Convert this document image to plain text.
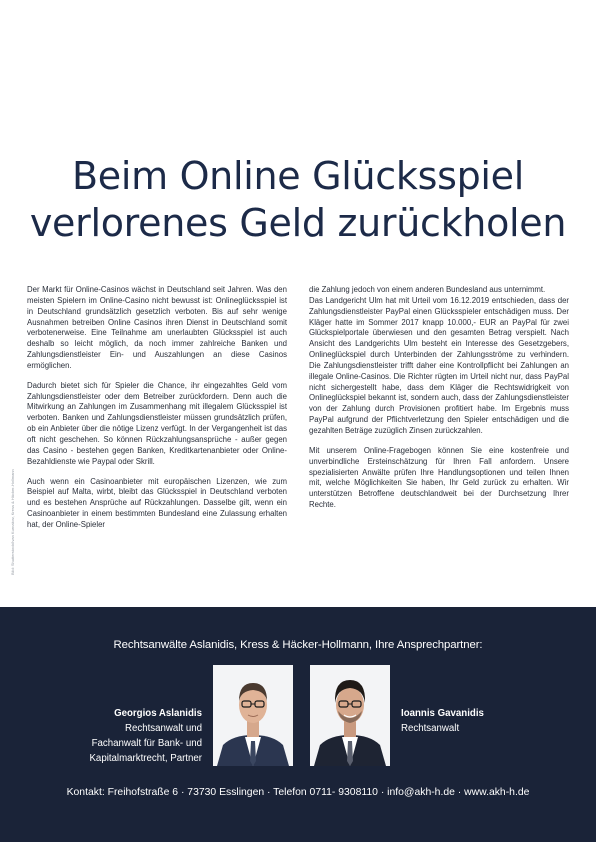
Beim Online Glücksspiel
verlorenes Geld zurückholen
Bild: Shutterstock/Ivan Kurnakov, Kress & Häcker-Hollmann

Der Markt für Online-Casinos wächst in Deutschland seit Jahren. Was den meisten Spielern im Online-Casino nicht bewusst ist: Onlineglücksspiel ist in Deutschland grundsätzlich gesetzlich verboten. Bis auf sehr wenige Ausnahmen betreiben Online Casinos ihren Dienst in Deutschland somit verbotenerweise. Eine Teilnahme am unerlaubten Glücksspiel ist auch deshalb so leicht möglich, da noch immer zahlreiche Banken und Zahlungsdienstleister Ein- und Auszahlungen an diese Casinos ermöglichen.

Dadurch bietet sich für Spieler die Chance, ihr eingezahltes Geld vom Zahlungsdienstleister oder dem Betreiber zurückfordern. Denn auch die Mitwirkung an Zahlungen im Zusammenhang mit illegalem Glücksspiel ist verboten. Banken und Zahlungsdienstleister müssen grundsätzlich prüfen, ob ein Anbieter über die nötige Lizenz verfügt. In der Vergangenheit ist das oft nicht geschehen. So können Rückzahlungsansprüche - außer gegen das Casino - bestehen gegen Banken, Kreditkartenanbieter oder Online-Bezahldienste wie Paypal oder Skrill.

Auch wenn ein Casinoanbieter mit europäischen Lizenzen, wie zum Beispiel auf Malta, wirbt, bleibt das Glücksspiel in Deutschland verboten und es bestehen Ansprüche auf Rückzahlungen. Dasselbe gilt, wenn ein Casinoanbieter in einem bestimmten Bundesland eine Zulassung erhalten hat, der Online-Spieler

die Zahlung jedoch von einem anderen Bundesland aus unternimmt.

Das Landgericht Ulm hat mit Urteil vom 16.12.2019 entschieden, dass der Zahlungsdienstleister PayPal einen Glücksspieler entschädigen muss. Der Kläger hatte im Sommer 2017 knapp 10.000,- EUR an PayPal für zwei Glückspielportale überwiesen und den gesamten Betrag verspielt. Nach Ansicht des Landgerichts Ulm besteht ein Interesse des Gesetzgebers, Onlineglückspiel durch Unterbinden der Zahlungsströme zu verhindern. Die Zahlungsdienstleister trifft daher eine Kontrollpflicht bei Zahlungen an illegale Online-Casinos. Die Richter rügten im Urteil nicht nur, dass PayPal nicht sichergestellt habe, dass dem Kläger die Rechtswidrigkeit von Onlineglückspiel bekannt ist, sondern auch, dass der Zahlungsdienstleister von der Zahlung durch Provisionen profitiert habe. Im Ergebnis muss PayPal aufgrund der Pflichtverletzung den Spieler entschädigen und die gezahlten Beträge zuzüglich Zinsen zurückzahlen.

Mit unserem Online-Fragebogen können Sie eine kostenfreie und unverbindliche Ersteinschätzung für Ihren Fall anfordern. Unsere spezialisierten Anwälte prüfen Ihre Handlungsoptionen und teilen Ihnen mit, welche Möglichkeiten Sie haben, Ihr Geld zurück zu erhalten. Wir unterstützen Betroffene deutschlandweit bei der Durchsetzung Ihrer Rechte.

Rechtsanwälte Aslanidis, Kress & Häcker-Hollmann, Ihre Ansprechpartner:
Georgios Aslanidis
Rechtsanwalt und
Fachanwalt für Bank- und
Kapitalmarktrecht, Partner
Ioannis Gavanidis
Rechtsanwalt
Kontakt: Freihofstraße 6 · 73730 Esslingen · Telefon 0711- 9308110 · info@akh-h.de · www.akh-h.de
